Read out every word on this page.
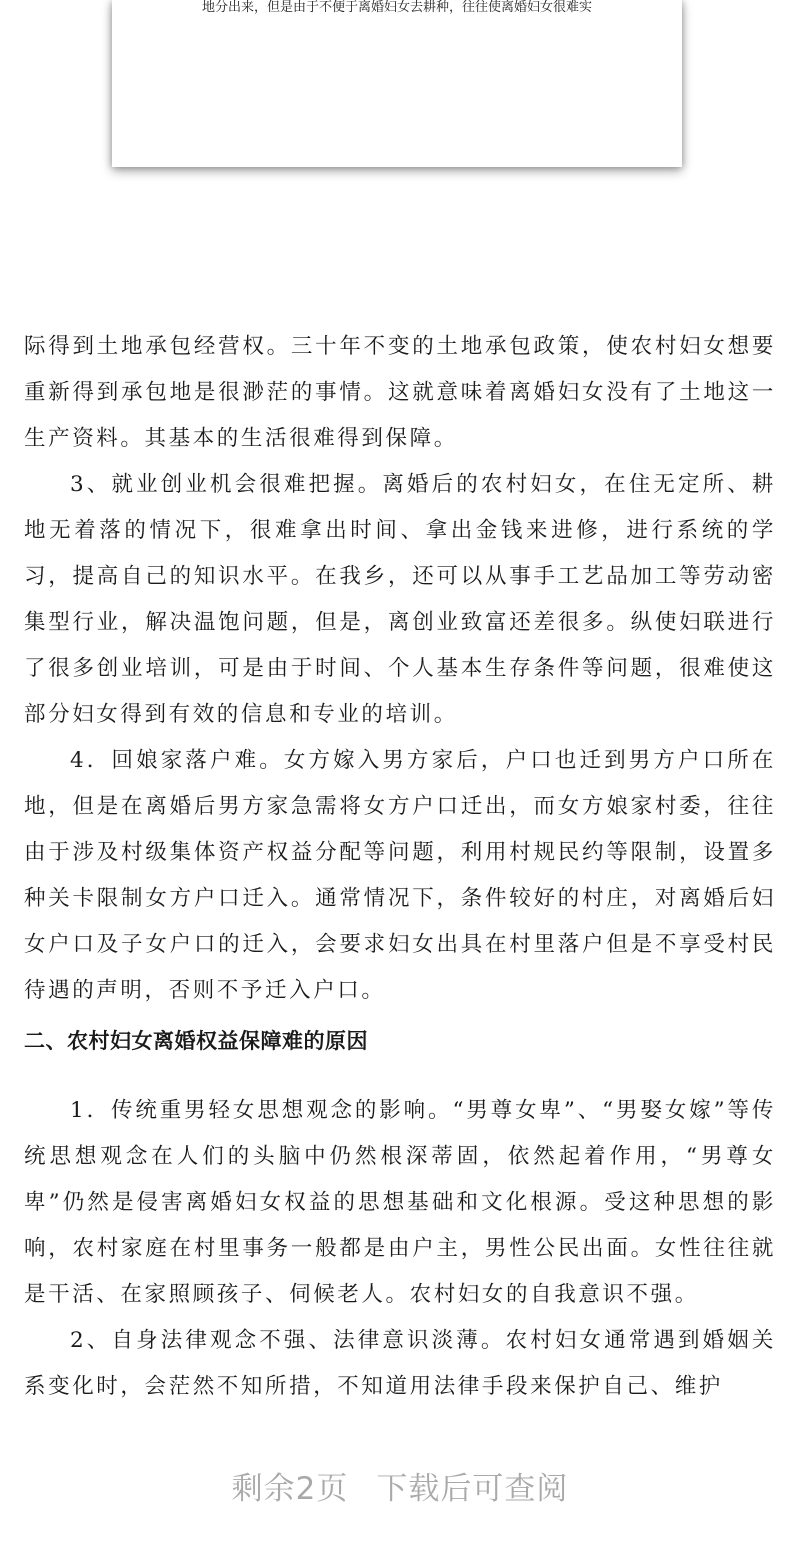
地分出来，但是由于不便于离婚妇女去耕种，往往使离婚妇女很难实

际得到土地承包经营权。三十年不变的土地承包政策，使农村妇女想要重新得到承包地是很渺茫的事情。这就意味着离婚妇女没有了土地这一生产资料。其基本的生活很难得到保障。

3、就业创业机会很难把握。离婚后的农村妇女，在住无定所、耕地无着落的情况下，很难拿出时间、拿出金钱来进修，进行系统的学习，提高自己的知识水平。在我乡，还可以从事手工艺品加工等劳动密集型行业，解决温饱问题，但是，离创业致富还差很多。纵使妇联进行了很多创业培训，可是由于时间、个人基本生存条件等问题，很难使这部分妇女得到有效的信息和专业的培训。

4．回娘家落户难。女方嫁入男方家后，户口也迁到男方户口所在地，但是在离婚后男方家急需将女方户口迁出，而女方娘家村委，往往由于涉及村级集体资产权益分配等问题，利用村规民约等限制，设置多种关卡限制女方户口迁入。通常情况下，条件较好的村庄，对离婚后妇女户口及子女户口的迁入，会要求妇女出具在村里落户但是不享受村民待遇的声明，否则不予迁入户口。

二、农村妇女离婚权益保障难的原因

1．传统重男轻女思想观念的影响。“男尊女卑”、“男娶女嫁”等传统思想观念在人们的头脑中仍然根深蒂固，依然起着作用，“男尊女卑”仍然是侵害离婚妇女权益的思想基础和文化根源。受这种思想的影响，农村家庭在村里事务一般都是由户主，男性公民出面。女性往往就是干活、在家照顾孩子、伺候老人。农村妇女的自我意识不强。

2、自身法律观念不强、法律意识淡薄。农村妇女通常遇到婚姻关系变化时，会茫然不知所措，不知道用法律手段来保护自己、维护

剩余2页 下载后可查阅
